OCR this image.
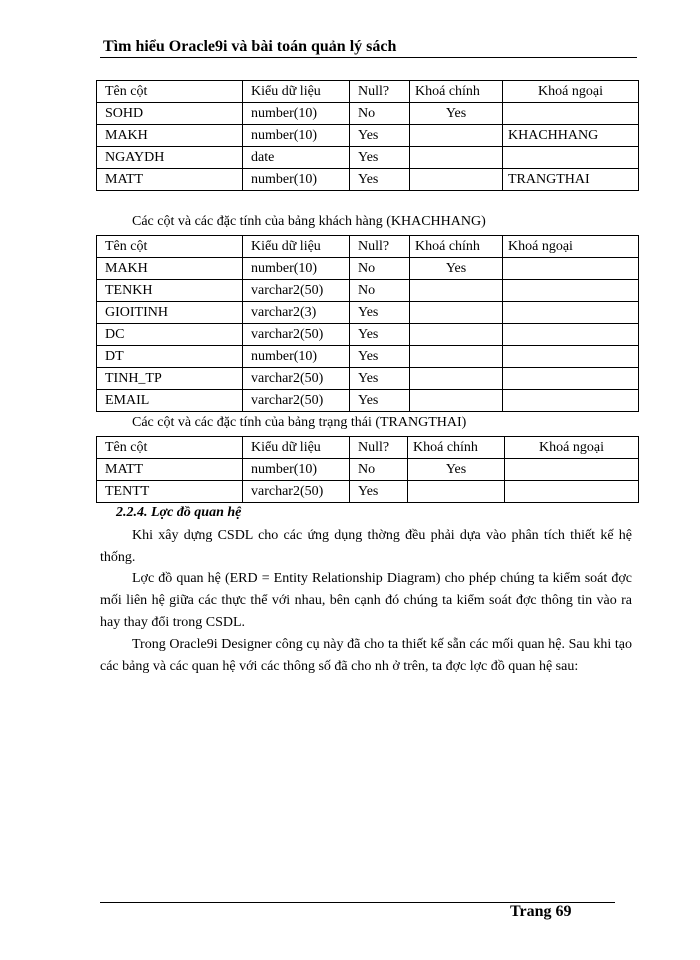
Tìm hiểu Oracle9i và bài toán quản lý sách
Tên cột	Kiểu dữ liệu	Null?	Khoá chính	Khoá ngoại
SOHD	number(10)	No	Yes	
MAKH	number(10)	Yes		KHACHHANG
NGAYDH	date	Yes		
MATT	number(10)	Yes		TRANGTHAI
Các cột và các đặc tính của bảng khách hàng (KHACHHANG)
Tên cột	Kiểu dữ liệu	Null?	Khoá chính	Khoá ngoại
MAKH	number(10)	No	Yes	
TENKH	varchar2(50)	No		
GIOITINH	varchar2(3)	Yes		
DC	varchar2(50)	Yes		
DT	number(10)	Yes		
TINH_TP	varchar2(50)	Yes		
EMAIL	varchar2(50)	Yes		
Các cột và các đặc tính của bảng trạng thái (TRANGTHAI)
Tên cột	Kiểu dữ liệu	Null?	Khoá chính	Khoá ngoại
MATT	number(10)	No	Yes	
TENTT	varchar2(50)	Yes		
2.2.4. Lợc đồ quan hệ

Khi xây dựng CSDL cho các ứng dụng thờng đều phải dựa vào phân tích thiết kế hệ thống.

Lợc đồ quan hệ (ERD = Entity Relationship Diagram) cho phép chúng ta kiểm soát đợc mối liên hệ giữa các thực thể với nhau, bên cạnh đó chúng ta kiểm soát đợc thông tin vào ra hay thay đổi trong CSDL.

Trong Oracle9i Designer công cụ này đã cho ta thiết kế sẵn các mối quan hệ. Sau khi tạo các bảng và các quan hệ với các thông số đã cho nh ở trên, ta đợc lợc đồ quan hệ sau:

Trang 69
